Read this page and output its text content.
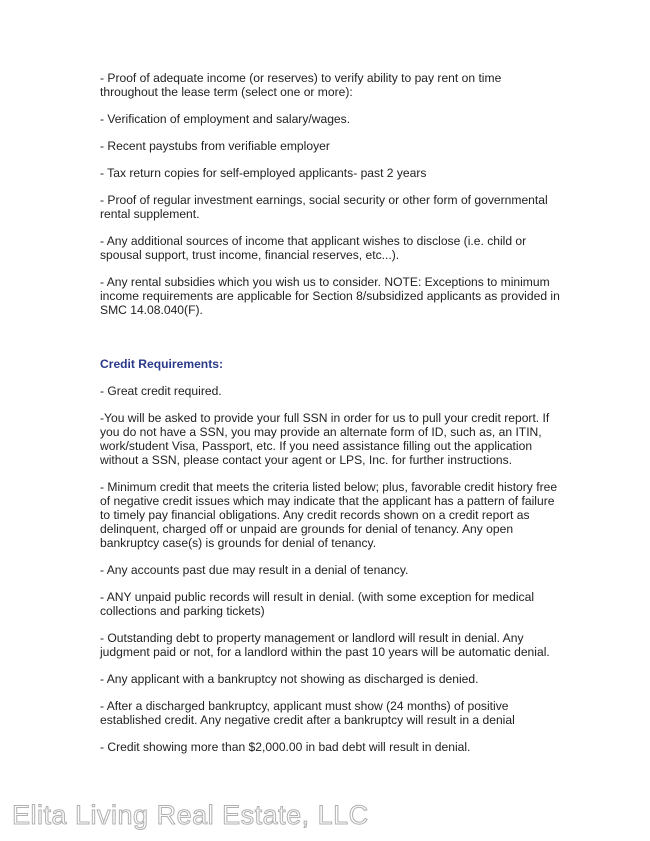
- Proof of adequate income (or reserves) to verify ability to pay rent on time throughout the lease term (select one or more):

- Verification of employment and salary/wages.

- Recent paystubs from verifiable employer

- Tax return copies for self-employed applicants- past 2 years

- Proof of regular investment earnings, social security or other form of governmental rental supplement.

- Any additional sources of income that applicant wishes to disclose (i.e. child or spousal support, trust income, financial reserves, etc...).

- Any rental subsidies which you wish us to consider. NOTE: Exceptions to minimum income requirements are applicable for Section 8/subsidized applicants as provided in SMC 14.08.040(F).

Credit Requirements:

- Great credit required.

-You will be asked to provide your full SSN in order for us to pull your credit report. If you do not have a SSN, you may provide an alternate form of ID, such as, an ITIN, work/student Visa, Passport, etc. If you need assistance filling out the application without a SSN, please contact your agent or LPS, Inc. for further instructions.

- Minimum credit that meets the criteria listed below; plus, favorable credit history free of negative credit issues which may indicate that the applicant has a pattern of failure to timely pay financial obligations. Any credit records shown on a credit report as delinquent, charged off or unpaid are grounds for denial of tenancy. Any open bankruptcy case(s) is grounds for denial of tenancy.

- Any accounts past due may result in a denial of tenancy.

- ANY unpaid public records will result in denial. (with some exception for medical collections and parking tickets)

- Outstanding debt to property management or landlord will result in denial. Any judgment paid or not, for a landlord within the past 10 years will be automatic denial.

- Any applicant with a bankruptcy not showing as discharged is denied.

- After a discharged bankruptcy, applicant must show (24 months) of positive established credit. Any negative credit after a bankruptcy will result in a denial

- Credit showing more than $2,000.00 in bad debt will result in denial.

Elita Living Real Estate, LLC
